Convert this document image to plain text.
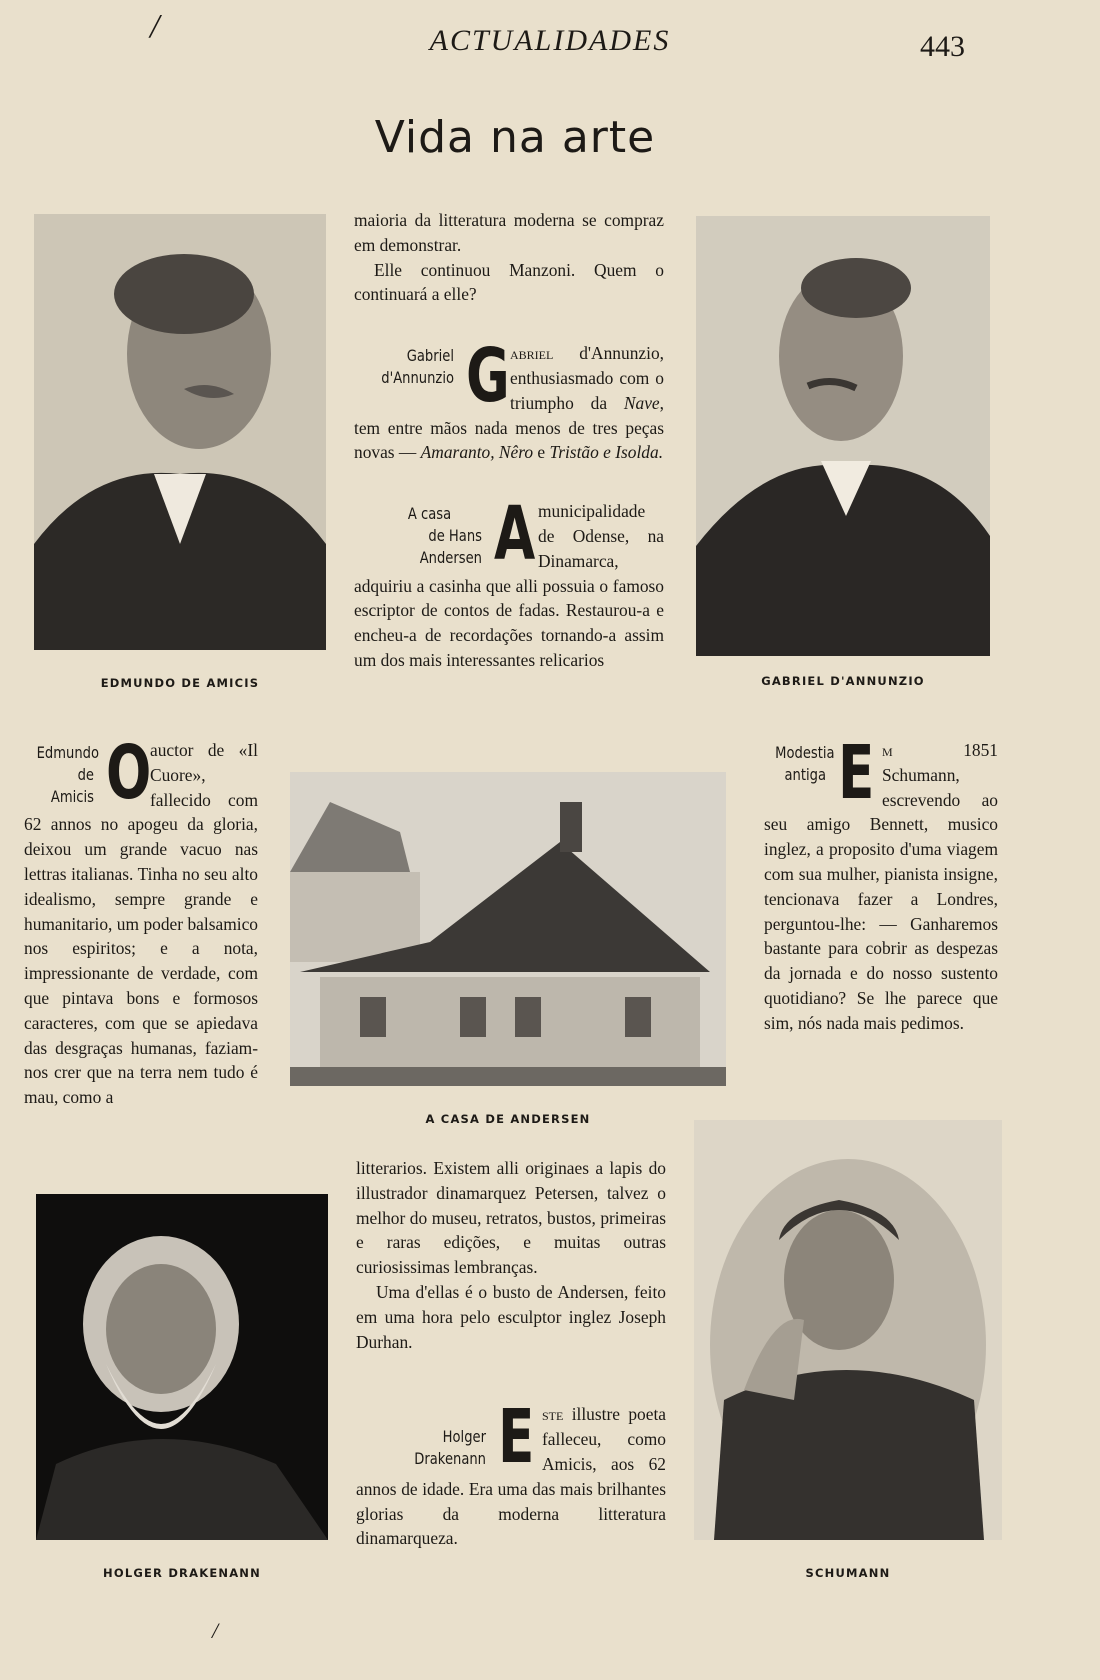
/	ACTUALIDADES	443
Vida na arte
EDMUNDO DE AMICIS	GABRIEL D'ANNUNZIO
A CASA DE ANDERSEN
HOLGER DRAKENANN	SCHUMANN

maioria da litteratura moderna se compraz em demonstrar.

Elle continuou Manzoni. Quem o continuará a elle?

Gabriel
d'Annunzio G abriel d'Annunzio, enthusiasmado com o triumpho da Nave, tem entre mãos nada menos de tres peças novas — Amaranto, Nêro e Tristão e Isolda.
A casa
de Hans Andersen A municipalidade de Odense, na Dinamarca, adquiriu a casinha que alli possuia o famoso escriptor de contos de fadas. Restaurou-a e encheu-a de recordações tornando-a assim um dos mais interessantes relicarios
Edmundo
de Amicis O
auctor de «Il Cuore», fallecido com 62 annos no apogeu da gloria, deixou um grande vacuo nas lettras italianas. Tinha no seu alto idealismo, sempre grande e humanitario, um poder balsamico nos espiritos; e a nota, impressionante de verdade, com que pintava bons e formosos caracteres, com que se apiedava das desgraças humanas, faziam-nos crer que na terra nem tudo é mau, como a
Modestia
antiga E m 1851 Schumann, escrevendo ao seu amigo Bennett, musico inglez, a proposito d'uma viagem com sua mulher, pianista insigne, tencionava fazer a Londres, perguntou-lhe: — Ganharemos bastante para cobrir as despezas da jornada e do nosso sustento quotidiano? Se lhe parece que sim, nós nada mais pedimos.

litterarios. Existem alli originaes a lapis do illustrador dinamarquez Petersen, talvez o melhor do museu, retratos, bustos, primeiras e raras edições, e muitas outras curiosissimas lembranças.

Uma d'ellas é o busto de Andersen, feito em uma hora pelo esculptor inglez Joseph Durhan.

Holger Drakenann E ste illustre poeta falleceu, como Amicis, aos 62 annos de idade. Era uma das mais brilhantes glorias da moderna litteratura dinamarqueza.
/
